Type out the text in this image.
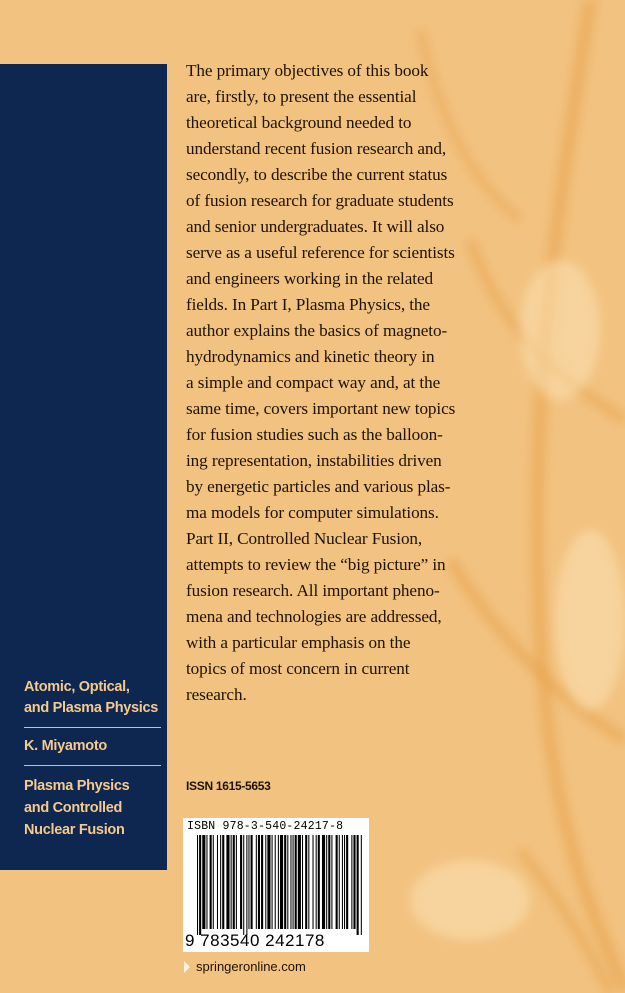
Atomic, Optical,
and Plasma Physics
K. Miyamoto
Plasma Physics
and Controlled
Nuclear Fusion

The primary objectives of this book
are, firstly, to present the essential
theoretical background needed to
understand recent fusion research and,
secondly, to describe the current status
of fusion research for graduate students
and senior undergraduates. It will also
serve as a useful reference for scientists
and engineers working in the related
fields. In Part I, Plasma Physics, the
author explains the basics of magneto-
hydrodynamics and kinetic theory in
a simple and compact way and, at the
same time, covers important new topics
for fusion studies such as the balloon-
ing representation, instabilities driven
by energetic particles and various plas-
ma models for computer simulations.
Part II, Controlled Nuclear Fusion,
attempts to review the “big picture” in
fusion research. All important pheno-
mena and technologies are addressed,
with a particular emphasis on the
topics of most concern in current
research.

ISSN 1615-5653
ISBN 978-3-540-24217-8
9 783540 242178
springeronline.com
